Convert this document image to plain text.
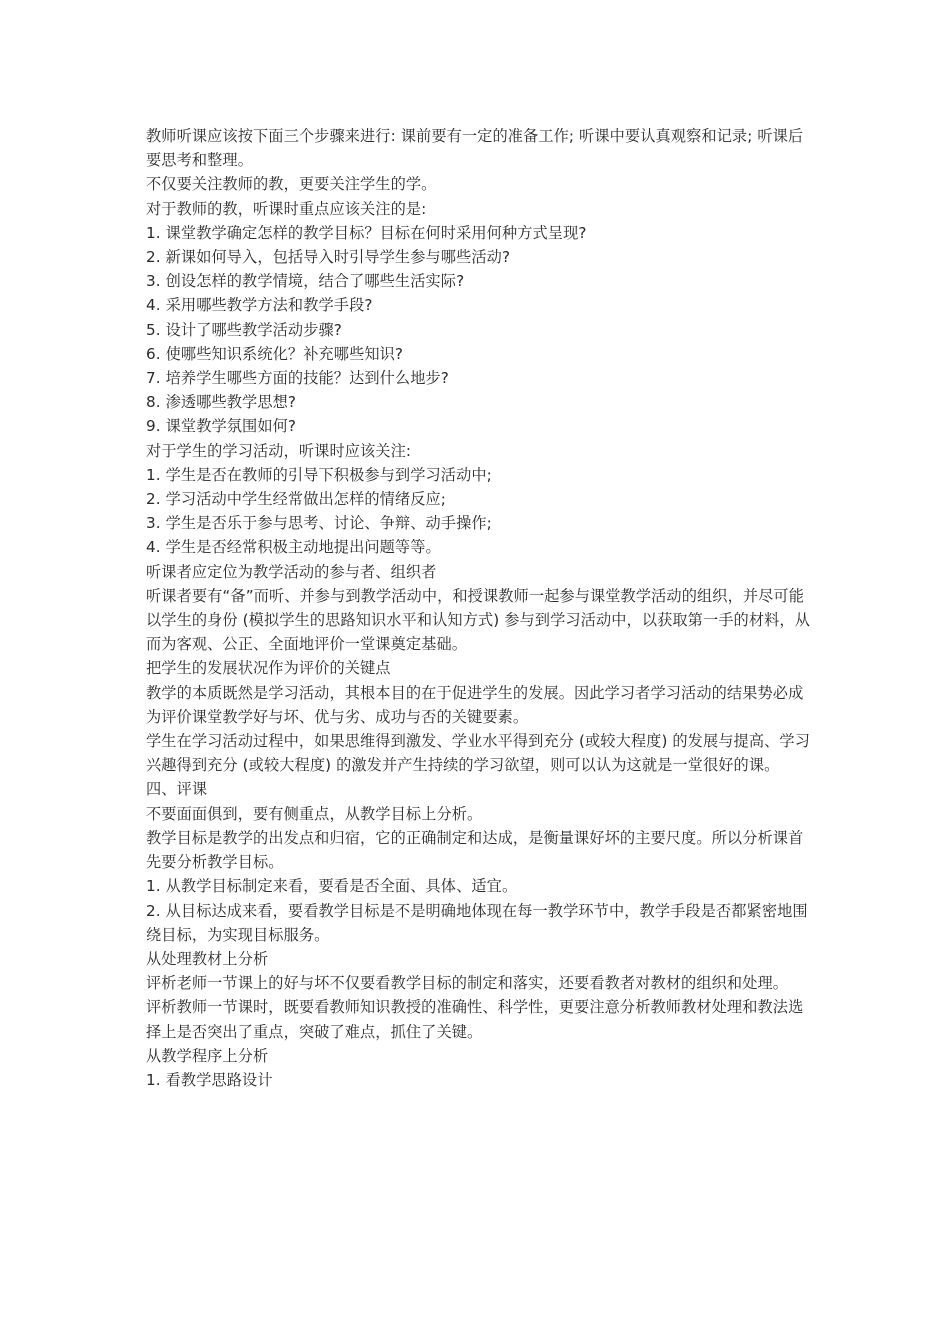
教师听课应该按下面三个步骤来进行: 课前要有一定的准备工作; 听课中要认真观察和记录; 听课后要思考和整理。

不仅要关注教师的教，更要关注学生的学。

对于教师的教，听课时重点应该关注的是:

1. 课堂教学确定怎样的教学目标？目标在何时采用何种方式呈现?

2. 新课如何导入，包括导入时引导学生参与哪些活动?

3. 创设怎样的教学情境，结合了哪些生活实际?

4. 采用哪些教学方法和教学手段?

5. 设计了哪些教学活动步骤?

6. 使哪些知识系统化？补充哪些知识?

7. 培养学生哪些方面的技能？达到什么地步?

8. 渗透哪些教学思想?

9. 课堂教学氛围如何?

对于学生的学习活动，听课时应该关注:

1. 学生是否在教师的引导下积极参与到学习活动中;

2. 学习活动中学生经常做出怎样的情绪反应;

3. 学生是否乐于参与思考、讨论、争辩、动手操作;

4. 学生是否经常积极主动地提出问题等等。

听课者应定位为教学活动的参与者、组织者

听课者要有“备”而听、并参与到教学活动中，和授课教师一起参与课堂教学活动的组织，并尽可能以学生的身份 (模拟学生的思路知识水平和认知方式) 参与到学习活动中，以获取第一手的材料，从而为客观、公正、全面地评价一堂课奠定基础。

把学生的发展状况作为评价的关键点

教学的本质既然是学习活动，其根本目的在于促进学生的发展。因此学习者学习活动的结果势必成为评价课堂教学好与坏、优与劣、成功与否的关键要素。

学生在学习活动过程中，如果思维得到激发、学业水平得到充分 (或较大程度) 的发展与提高、学习兴趣得到充分 (或较大程度) 的激发并产生持续的学习欲望，则可以认为这就是一堂很好的课。

四、评课

不要面面俱到，要有侧重点，从教学目标上分析。

教学目标是教学的出发点和归宿，它的正确制定和达成，是衡量课好坏的主要尺度。所以分析课首先要分析教学目标。

1. 从教学目标制定来看，要看是否全面、具体、适宜。

2. 从目标达成来看，要看教学目标是不是明确地体现在每一教学环节中，教学手段是否都紧密地围绕目标，为实现目标服务。

从处理教材上分析

评析老师一节课上的好与坏不仅要看教学目标的制定和落实，还要看教者对教材的组织和处理。

评析教师一节课时，既要看教师知识教授的准确性、科学性，更要注意分析教师教材处理和教法选择上是否突出了重点，突破了难点，抓住了关键。

从教学程序上分析

1. 看教学思路设计
